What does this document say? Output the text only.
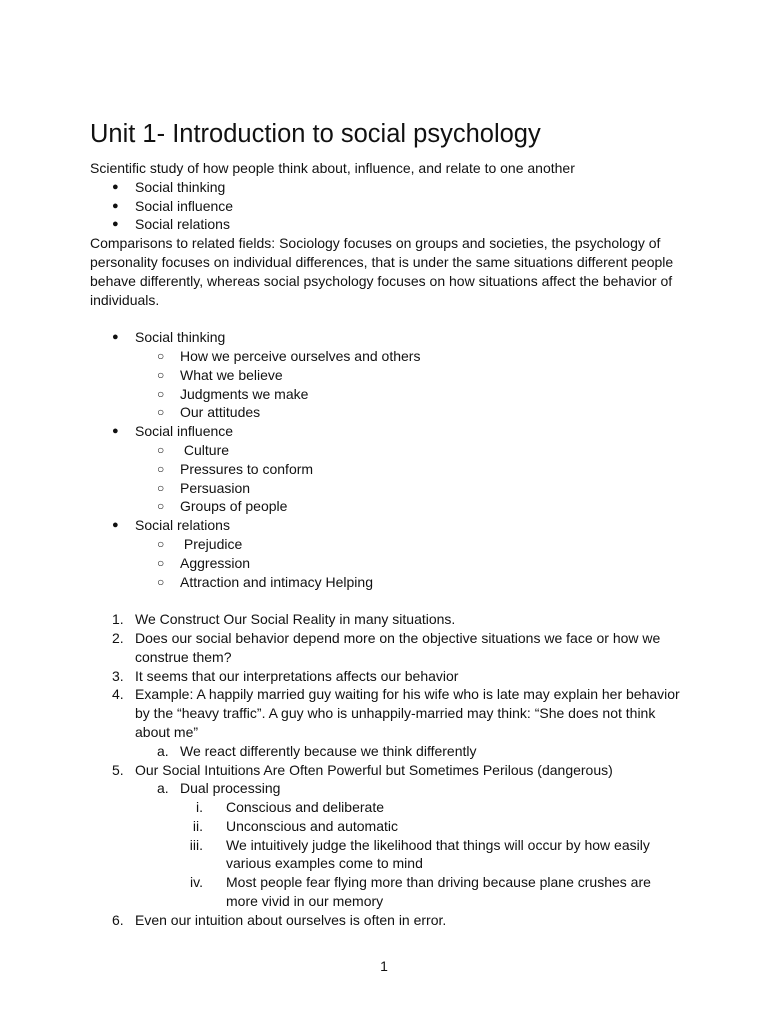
Unit 1- Introduction to social psychology

Scientific study of how people think about, influence, and relate to one another

● Social thinking
● Social influence
● Social relations
Comparisons to related fields: Sociology focuses on groups and societies, the psychology of
personality focuses on individual differences, that is under the same situations different people
behave differently, whereas social psychology focuses on how situations affect the behavior of
individuals.
● Social thinking
○ How we perceive ourselves and others
○ What we believe
○ Judgments we make
○ Our attitudes
● Social influence
○ Culture
○ Pressures to conform
○ Persuasion
○ Groups of people
● Social relations
○ Prejudice
○ Aggression
○ Attraction and intimacy Helping
1. We Construct Our Social Reality in many situations.
2. Does our social behavior depend more on the objective situations we face or how we
construe them?
3. It seems that our interpretations affects our behavior
4. Example: A happily married guy waiting for his wife who is late may explain her behavior
by the “heavy traffic”. A guy who is unhappily-married may think: “She does not think
about me”
a. We react differently because we think differently
5. Our Social Intuitions Are Often Powerful but Sometimes Perilous (dangerous)
a. Dual processing
i. Conscious and deliberate
ii. Unconscious and automatic
iii. We intuitively judge the likelihood that things will occur by how easily
various examples come to mind
iv. Most people fear flying more than driving because plane crushes are
more vivid in our memory
6. Even our intuition about ourselves is often in error.
1
